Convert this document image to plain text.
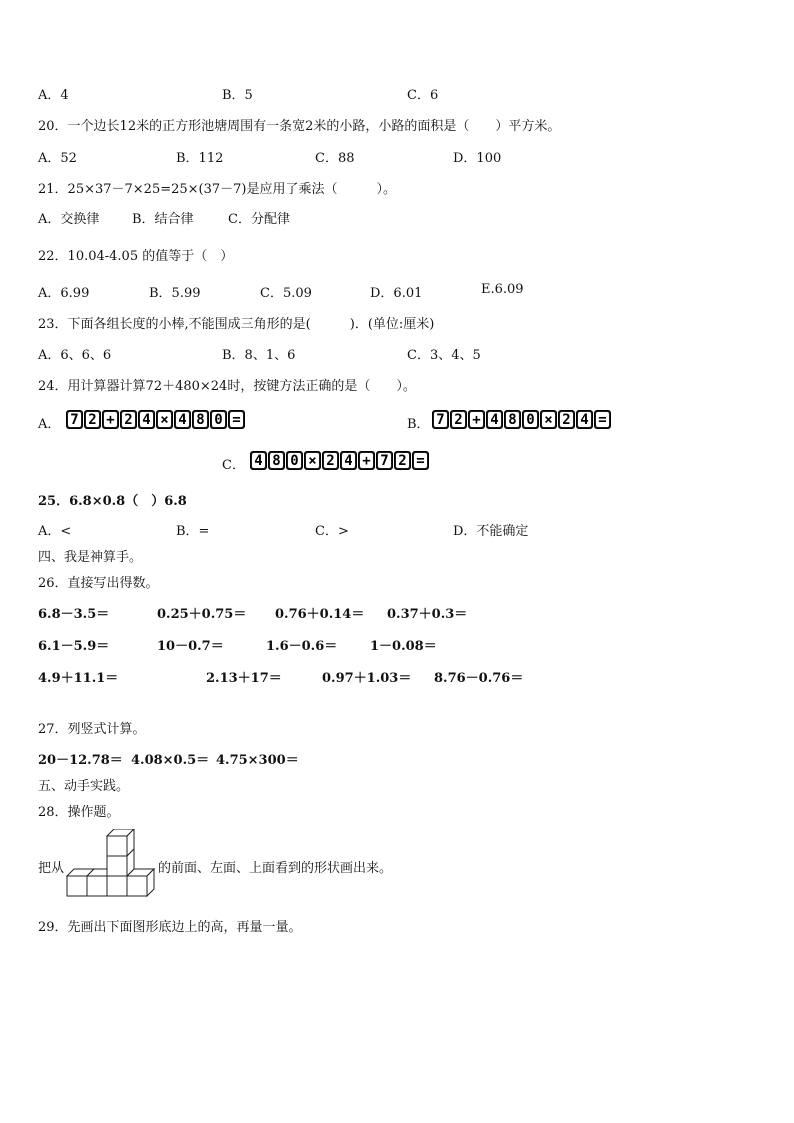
A．4	B．5	C．6
20．一个边长12米的正方形池塘周围有一条宽2米的小路，小路的面积是（　　）平方米。
A．52	B．112	C．88	D．100
21．25×37－7×25=25×(37－7)是应用了乘法（　　　）。
A．交换律	B．结合律	C．分配律
22．10.04-4.05 的值等于（　）
A．6.99	B．5.99	C．5.09	D．6.01	E.6.09
23．下面各组长度的小棒,不能围成三角形的是(　　　)．(单位:厘米)
A．6、6、6	B．8、1、6	C．3、4、5
24．用计算器计算72＋480×24时，按键方法正确的是（　　）。
A． 7 2 + 2 4 × 4 8 0 =	B． 7 2 + 4 8 0 × 2 4 =
C． 4 8 0 × 2 4 + 7 2 =
25．6.8×0.8（　）6.8
A．<	B．=	C．>	D．不能确定
四、我是神算手。
26．直接写出得数。
6.8－3.5＝	0.25＋0.75＝ 0.76＋0.14＝ 0.37＋0.3＝
6.1－5.9＝	10－0.7＝	1.6－0.6＝	1－0.08＝
4.9＋11.1＝	2.13＋17＝	0.97＋1.03＝ 8.76－0.76＝
27．列竖式计算。
20－12.78＝ 4.08×0.5＝ 4.75×300＝
五、动手实践。
28．操作题。
把从	的前面、左面、上面看到的形状画出来。
29．先画出下面图形底边上的高，再量一量。
